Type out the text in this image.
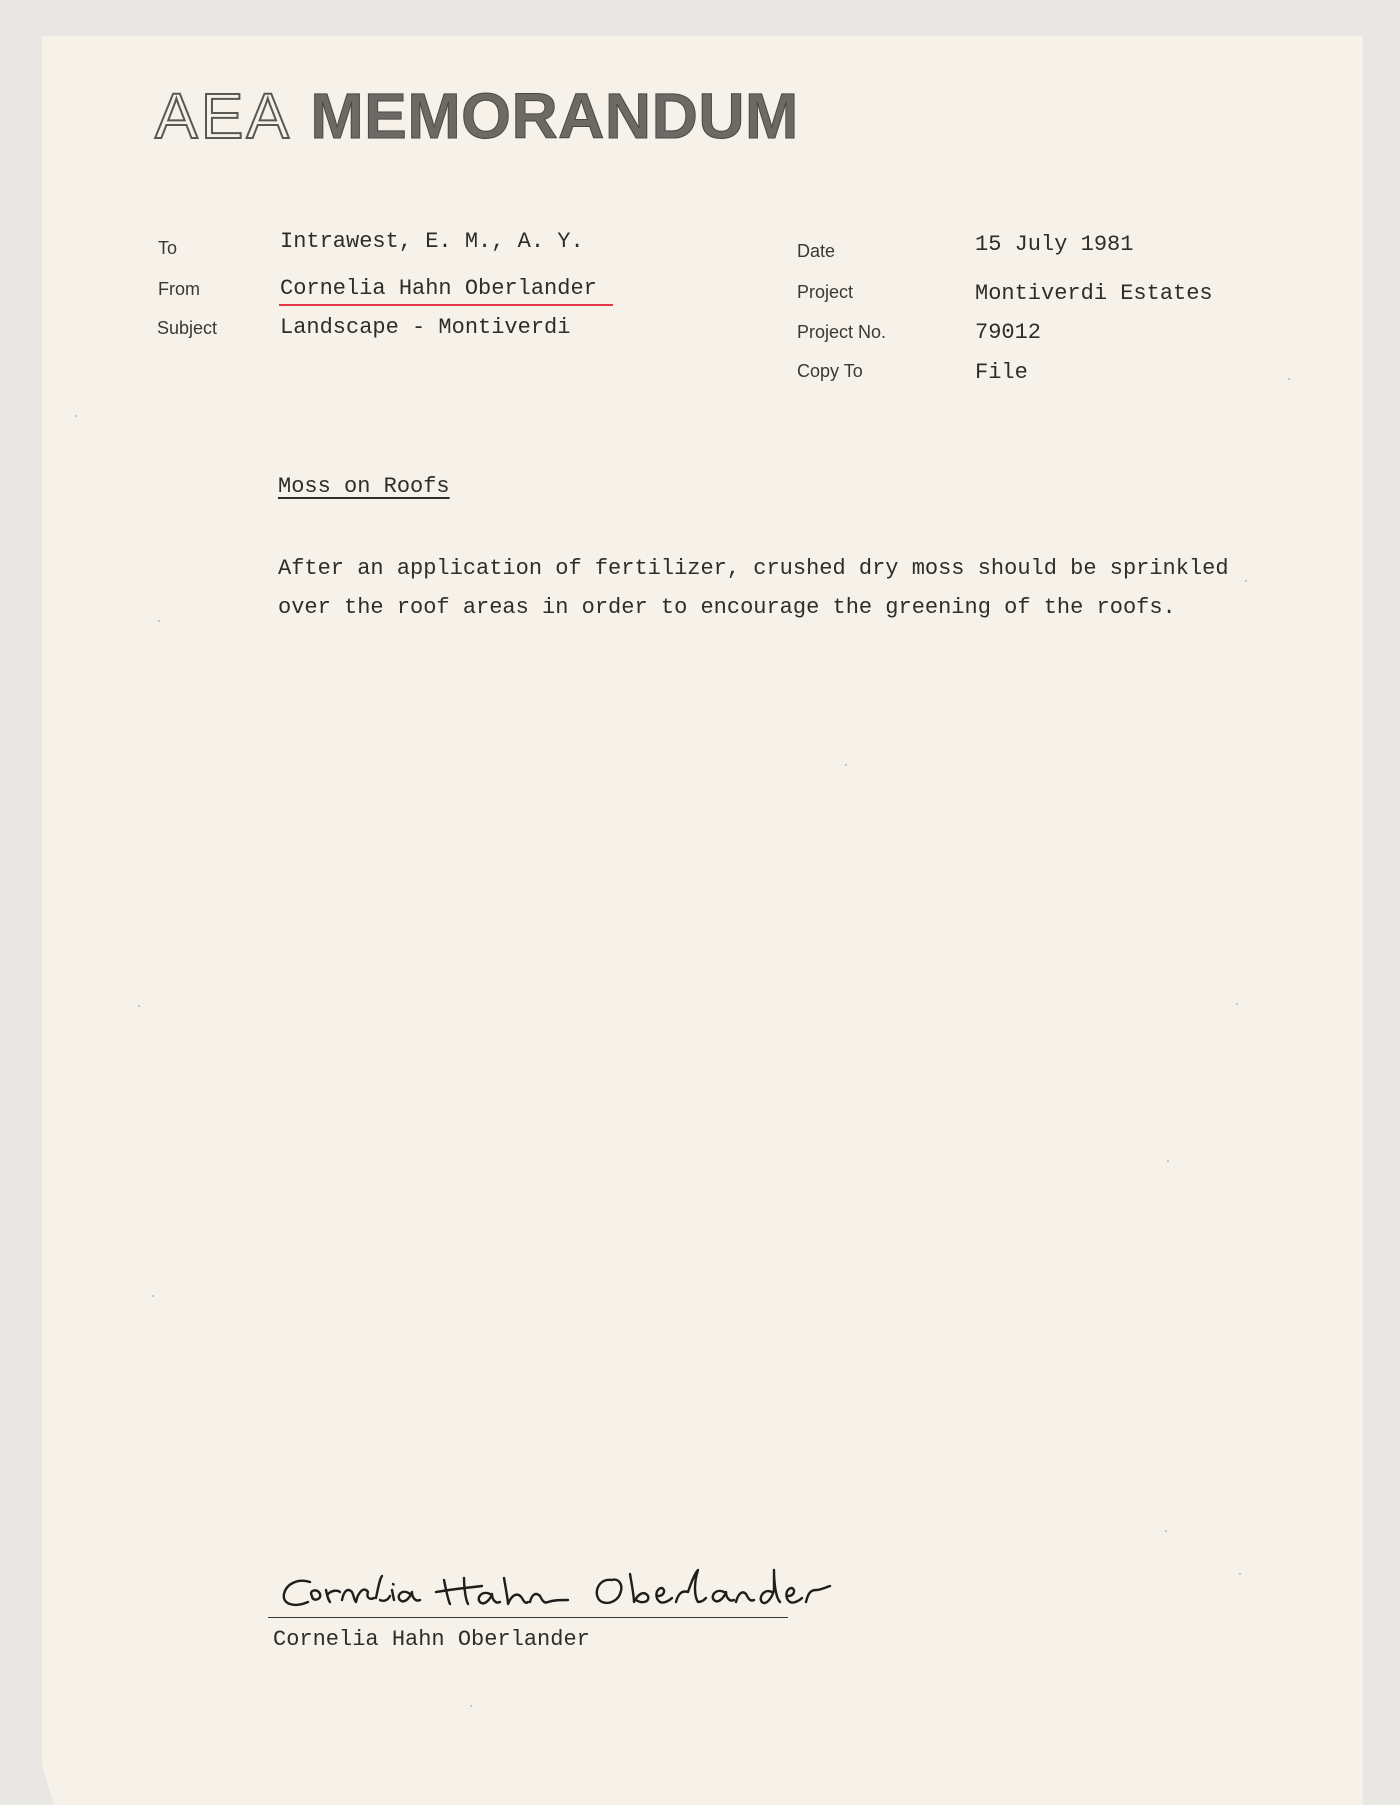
AEA MEMORANDUM
To	Intrawest, E. M., A. Y.
From	Cornelia Hahn Oberlander
Subject	Landscape - Montiverdi
Date	15 July 1981
Project	Montiverdi Estates
Project No.	79012
Copy To	File
Moss on Roofs

After an application of fertilizer, crushed dry moss should be sprinkled

over the roof areas in order to encourage the greening of the roofs.

Cornelia Hahn Oberlander
